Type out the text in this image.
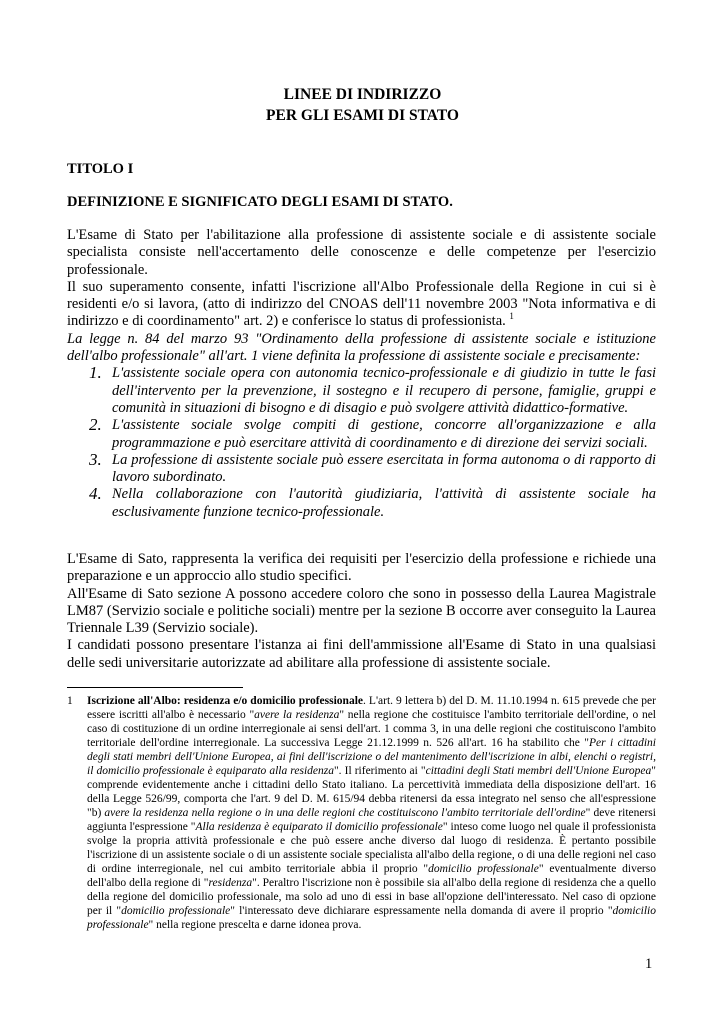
LINEE DI INDIRIZZO
PER GLI ESAMI DI STATO
TITOLO I
DEFINIZIONE E SIGNIFICATO DEGLI ESAMI DI STATO.

L'Esame di Stato per l'abilitazione alla professione di assistente sociale e di assistente sociale specialista consiste nell'accertamento delle conoscenze e delle competenze per l'esercizio professionale.

Il suo superamento consente, infatti l'iscrizione all'Albo Professionale della Regione in cui si è residenti e/o si lavora, (atto di indirizzo del CNOAS dell'11 novembre 2003 "Nota informativa e di indirizzo e di coordinamento" art. 2) e conferisce lo status di professionista. $^1$

La legge n. 84 del marzo 93 "Ordinamento della professione di assistente sociale e istituzione dell'albo professionale" all'art. 1 viene definita la professione di assistente sociale e precisamente:

1. L'assistente sociale opera con autonomia tecnico-professionale e di giudizio in tutte le fasi dell'intervento per la prevenzione, il sostegno e il recupero di persone, famiglie, gruppi e comunità in situazioni di bisogno e di disagio e può svolgere attività didattico-formative.
2. L'assistente sociale svolge compiti di gestione, concorre all'organizzazione e alla programmazione e può esercitare attività di coordinamento e di direzione dei servizi sociali.
3. La professione di assistente sociale può essere esercitata in forma autonoma o di rapporto di lavoro subordinato.
4. Nella collaborazione con l'autorità giudiziaria, l'attività di assistente sociale ha esclusivamente funzione tecnico-professionale.

L'Esame di Sato, rappresenta la verifica dei requisiti per l'esercizio della professione e richiede una preparazione e un approccio allo studio specifici.

All'Esame di Sato sezione A possono accedere coloro che sono in possesso della Laurea Magistrale LM87 (Servizio sociale e politiche sociali) mentre per la sezione B occorre aver conseguito la Laurea Triennale L39 (Servizio sociale).

I candidati possono presentare l'istanza ai fini dell'ammissione all'Esame di Stato in una qualsiasi delle sedi universitarie autorizzate ad abilitare alla professione di assistente sociale.

1 Iscrizione all'Albo: residenza e/o domicilio professionale. L'art. 9 lettera b) del D. M. 11.10.1994 n. 615 prevede che per essere iscritti all'albo è necessario "avere la residenza" nella regione che costituisce l'ambito territoriale dell'ordine, o nel caso di costituzione di un ordine interregionale ai sensi dell'art. 1 comma 3, in una delle regioni che costituiscono l'ambito territoriale dell'ordine interregionale. La successiva Legge 21.12.1999 n. 526 all'art. 16 ha stabilito che "Per i cittadini degli stati membri dell'Unione Europea, ai fini dell'iscrizione o del mantenimento dell'iscrizione in albi, elenchi o registri, il domicilio professionale è equiparato alla residenza". Il riferimento ai "cittadini degli Stati membri dell'Unione Europea" comprende evidentemente anche i cittadini dello Stato italiano. La percettività immediata della disposizione dell'art. 16 della Legge 526/99, comporta che l'art. 9 del D. M. 615/94 debba ritenersi da essa integrato nel senso che all'espressione "b) avere la residenza nella regione o in una delle regioni che costituiscono l'ambito territoriale dell'ordine" deve ritenersi aggiunta l'espressione "Alla residenza è equiparato il domicilio professionale" inteso come luogo nel quale il professionista svolge la propria attività professionale e che può essere anche diverso dal luogo di residenza. È pertanto possibile l'iscrizione di un assistente sociale o di un assistente sociale specialista all'albo della regione, o di una delle regioni nel caso di ordine interregionale, nel cui ambito territoriale abbia il proprio "domicilio professionale" eventualmente diverso dell'albo della regione di "residenza". Peraltro l'iscrizione non è possibile sia all'albo della regione di residenza che a quello della regione del domicilio professionale, ma solo ad uno di essi in base all'opzione dell'interessato. Nel caso di opzione per il "domicilio professionale" l'interessato deve dichiarare espressamente nella domanda di avere il proprio "domicilio professionale" nella regione prescelta e darne idonea prova.
1
